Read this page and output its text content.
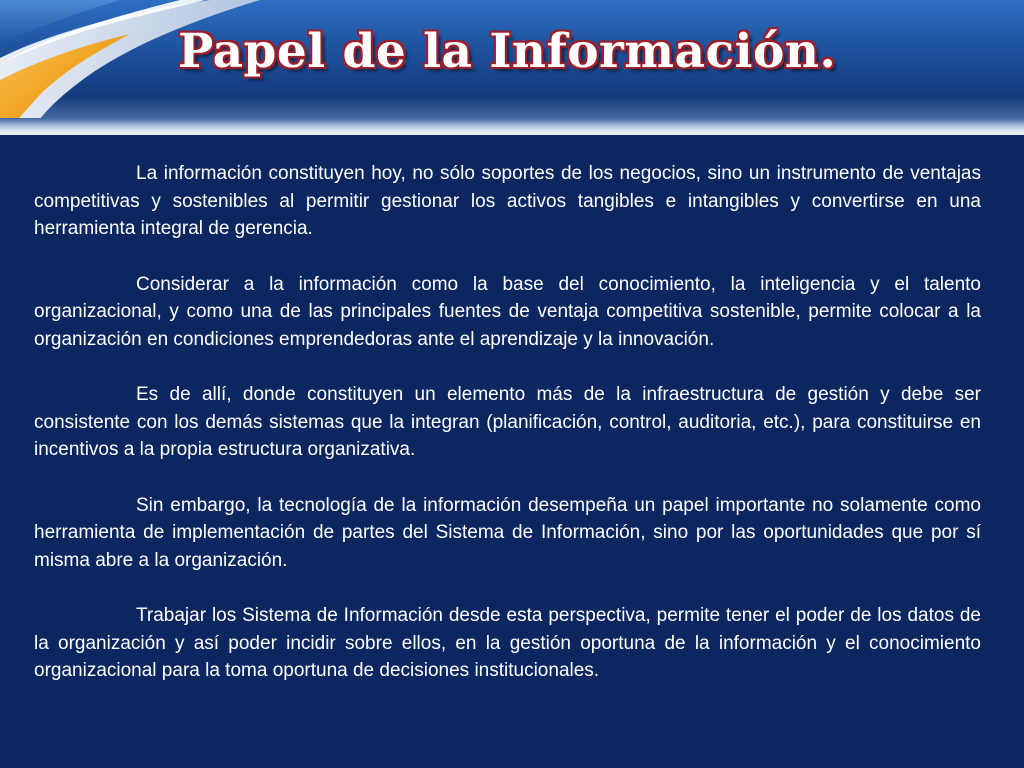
Papel de la Información.

La información constituyen hoy, no sólo soportes de los negocios, sino un instrumento de ventajas competitivas y sostenibles al permitir gestionar los activos tangibles e intangibles y convertirse en una herramienta integral de gerencia.

Considerar a la información como la base del conocimiento, la inteligencia y el talento organizacional, y como una de las principales fuentes de ventaja competitiva sostenible, permite colocar a la organización en condiciones emprendedoras ante el aprendizaje y la innovación.

Es de allí, donde constituyen un elemento más de la infraestructura de gestión y debe ser consistente con los demás sistemas que la integran (planificación, control, auditoria, etc.), para constituirse en incentivos a la propia estructura organizativa.

Sin embargo, la tecnología de la información desempeña un papel importante no solamente como herramienta de implementación de partes del Sistema de Información, sino por las oportunidades que por sí misma abre a la organización.

Trabajar los Sistema de Información desde esta perspectiva, permite tener el poder de los datos de la organización y así poder incidir sobre ellos, en la gestión oportuna de la información y el conocimiento organizacional para la toma oportuna de decisiones institucionales.
